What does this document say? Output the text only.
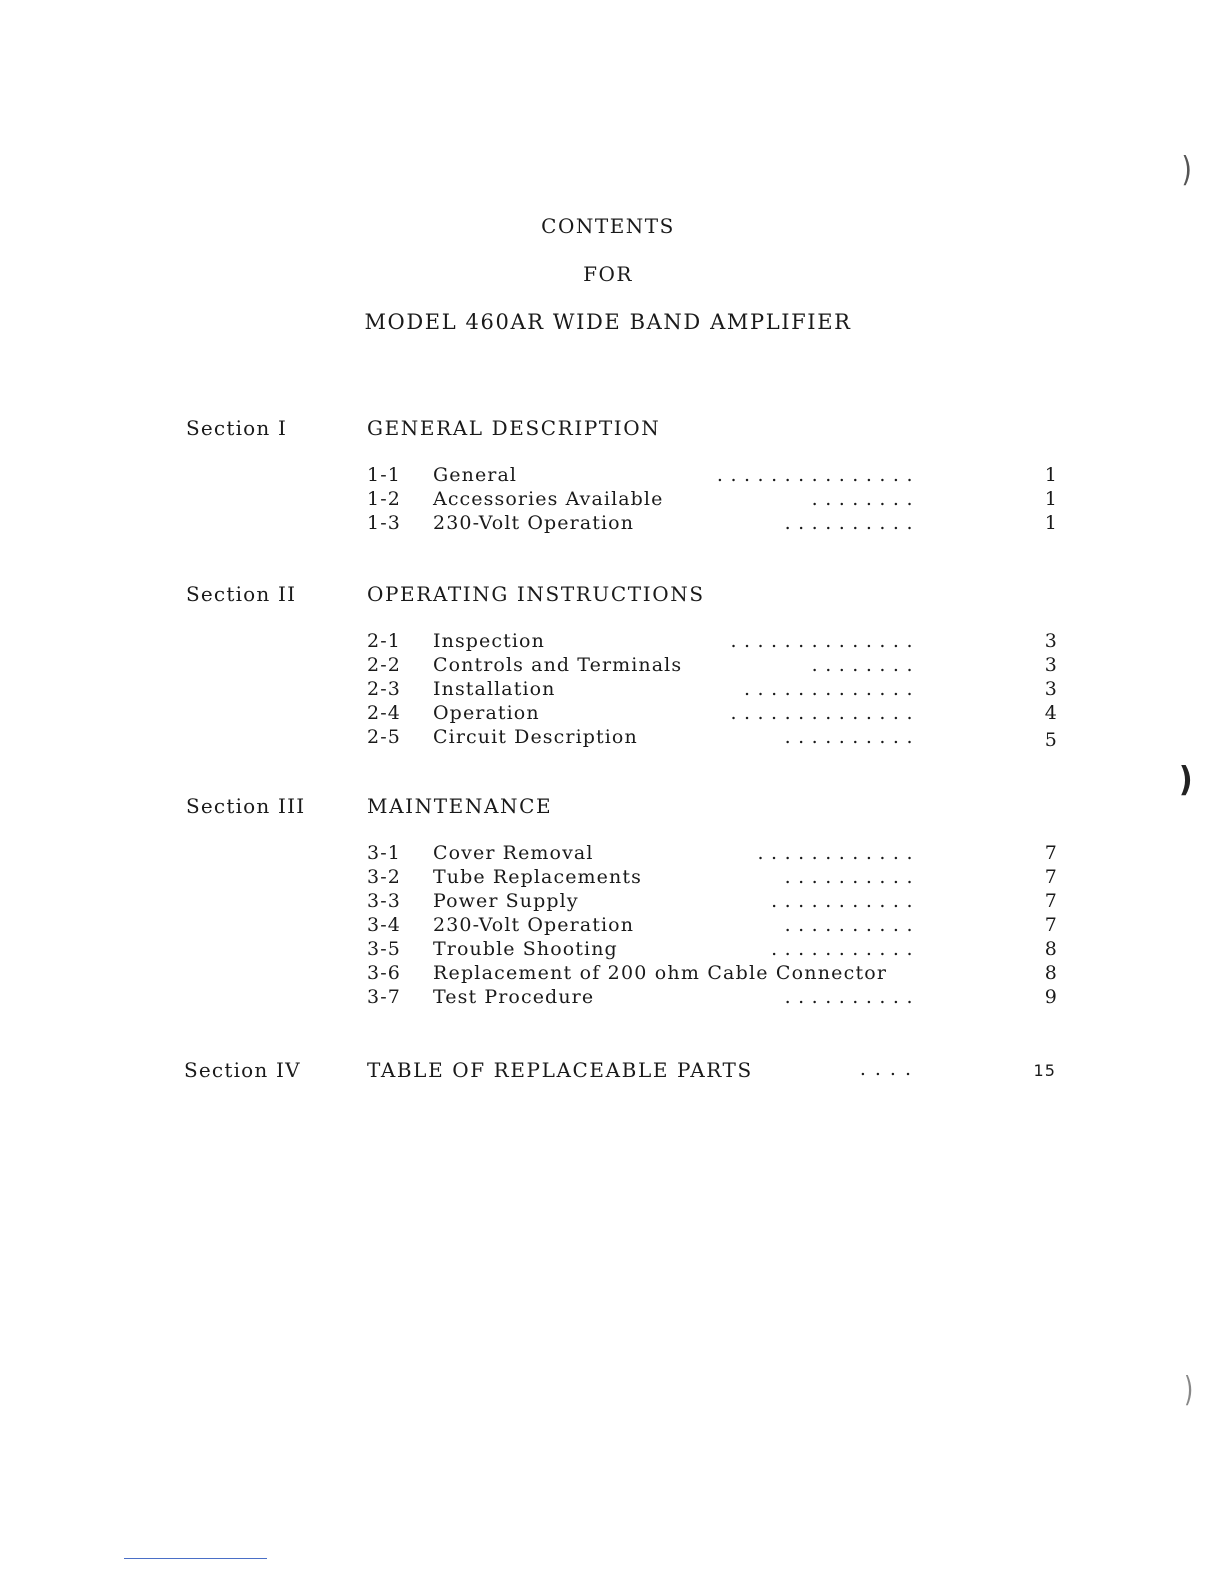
CONTENTS
FOR
MODEL 460AR WIDE BAND AMPLIFIER
Section I	GENERAL DESCRIPTION
1-1 General	...............	1
1-2 Accessories Available	........	1
1-3 230-Volt Operation	..........	1
Section II	OPERATING INSTRUCTIONS
2-1 Inspection	..............	3
2-2 Controls and Terminals	........	3
2-3 Installation	.............	3
2-4 Operation	..............	4
2-5 Circuit Description	..........	5
Section III	MAINTENANCE
3-1 Cover Removal	............	7
3-2 Tube Replacements	..........	7
3-3 Power Supply	...........	7
3-4 230-Volt Operation	..........	7
3-5 Trouble Shooting	...........	8
3-6 Replacement of 200 ohm Cable Connector	8
3-7 Test Procedure	..........	9
Section IV	TABLE OF REPLACEABLE PARTS	....	15
)
)
)
